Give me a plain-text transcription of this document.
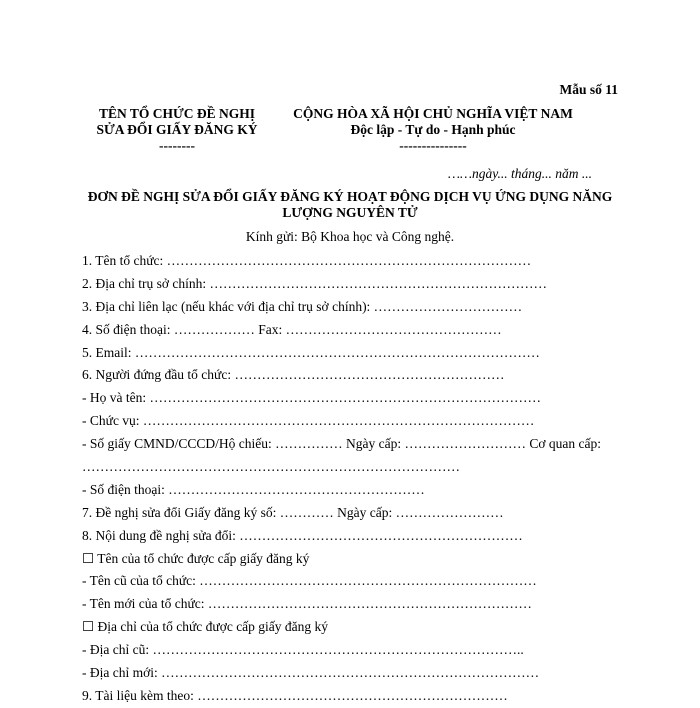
Mẫu số 11
TÊN TỔ CHỨC ĐỀ NGHỊ
SỬA ĐỔI GIẤY ĐĂNG KÝ
--------
CỘNG HÒA XÃ HỘI CHỦ NGHĨA VIỆT NAM
Độc lập - Tự do - Hạnh phúc
---------------
……ngày... tháng... năm ...
ĐƠN ĐỀ NGHỊ SỬA ĐỔI GIẤY ĐĂNG KÝ HOẠT ĐỘNG DỊCH VỤ ỨNG DỤNG NĂNG
LƯỢNG NGUYÊN TỬ
Kính gửi: Bộ Khoa học và Công nghệ.
1. Tên tổ chức: ………………………………………………………………………
2. Địa chỉ trụ sở chính: …………………………………………………………………
3. Địa chỉ liên lạc (nếu khác với địa chỉ trụ sở chính): ……………………………
4. Số điện thoại: ……………… Fax: …………………………………………
5. Email: ………………………………………………………………………………
6. Người đứng đầu tổ chức: ……………………………………………………
- Họ và tên: ……………………………………………………………………………
- Chức vụ: ……………………………………………………………………………
- Số giấy CMND/CCCD/Hộ chiếu: …………… Ngày cấp: ……………………… Cơ quan cấp:
…………………………………………………………………………
- Số điện thoại: …………………………………………………
7. Đề nghị sửa đổi Giấy đăng ký số: ………… Ngày cấp: ……………………
8. Nội dung đề nghị sửa đổi: ………………………………………………………
☐ Tên của tổ chức được cấp giấy đăng ký
- Tên cũ của tổ chức: …………………………………………………………………
- Tên mới của tổ chức: ………………………………………………………………
☐ Địa chỉ của tổ chức được cấp giấy đăng ký
- Địa chỉ cũ: ………………………………………………………………………..
- Địa chỉ mới: …………………………………………………………………………
9. Tài liệu kèm theo: ……………………………………………………………
